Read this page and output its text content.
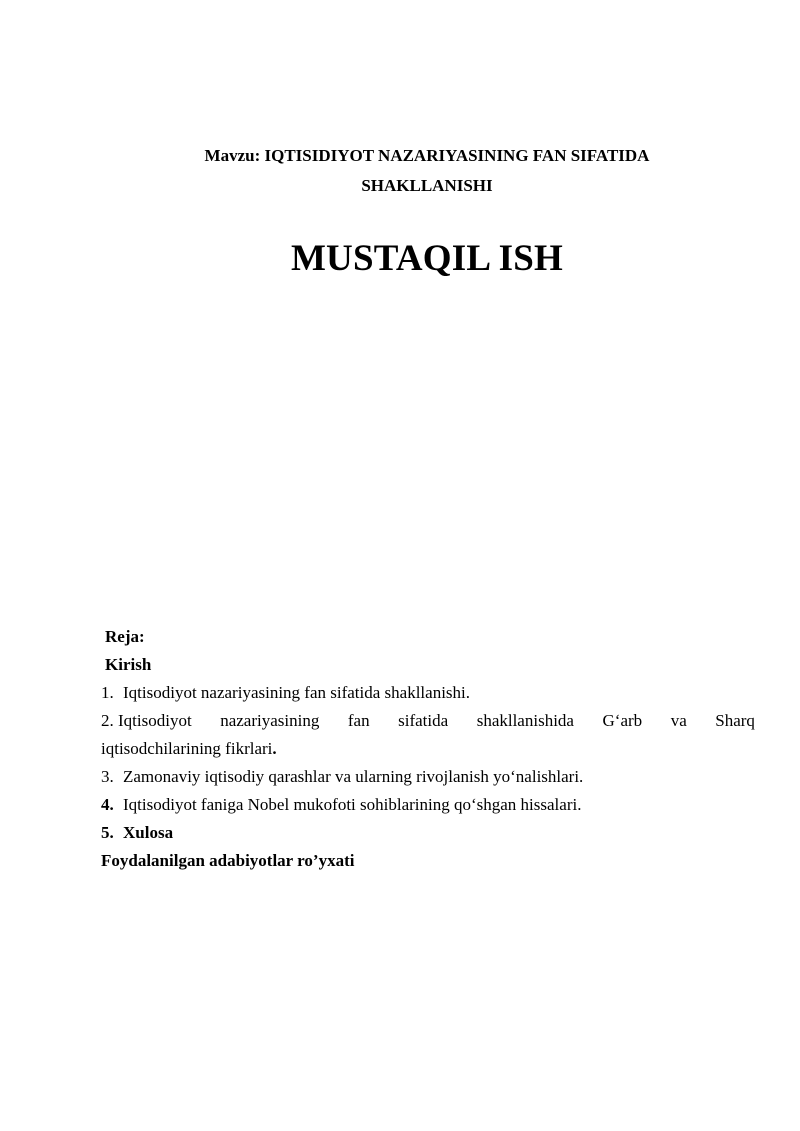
Mavzu: IQTISIDIYOT NAZARIYASINING FAN SIFATIDA
SHAKLLANISHI
MUSTAQIL ISH
Reja:
Kirish
1. Iqtisodiyot nazariyasining fan sifatida shakllanishi.
2. Iqtisodiyot nazariyasining fan sifatida shakllanishida G‘arb va Sharq
iqtisodchilarining fikrlari.
3. Zamonaviy iqtisodiy qarashlar va ularning rivojlanish yo‘nalishlari.
4. Iqtisodiyot faniga Nobel mukofoti sohiblarining qo‘shgan hissalari.
5. Xulosa
Foydalanilgan adabiyotlar ro’yxati
